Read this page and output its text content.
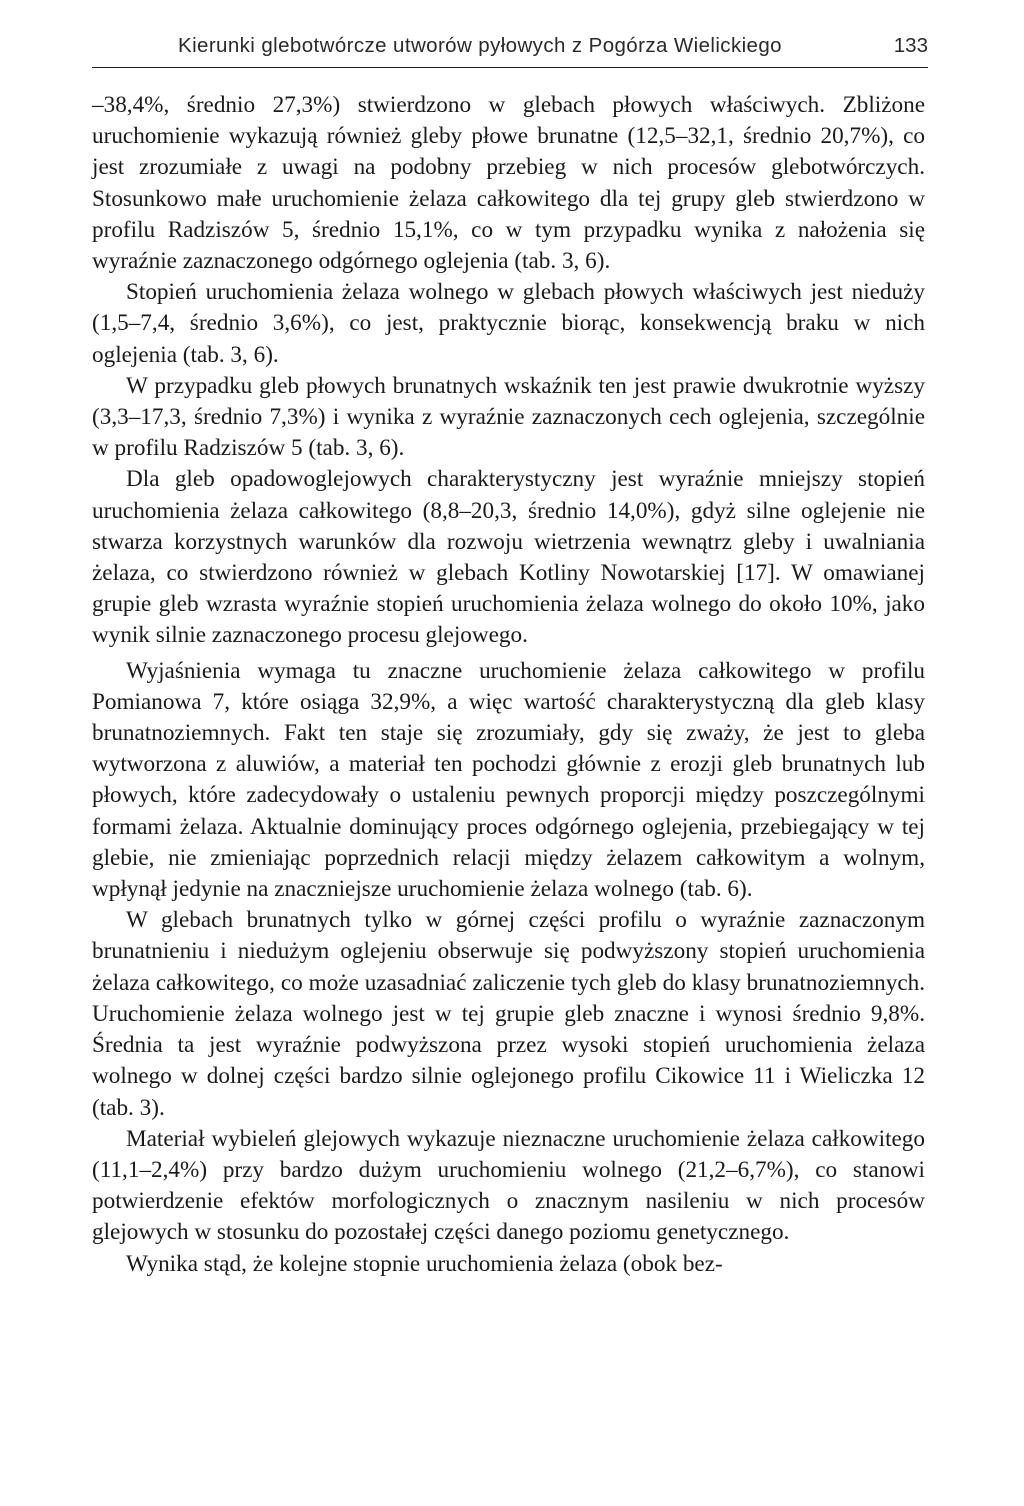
Kierunki glebotwórcze utworów pyłowych z Pogórza Wielickiego	133

–38,4%, średnio 27,3%) stwierdzono w glebach płowych właściwych. Zbliżone uruchomienie wykazują również gleby płowe brunatne (12,5–32,1, średnio 20,7%), co jest zrozumiałe z uwagi na podobny przebieg w nich procesów glebotwórczych. Stosunkowo małe uruchomienie żelaza całkowitego dla tej grupy gleb stwierdzono w profilu Radziszów 5, średnio 15,1%, co w tym przypadku wynika z nałożenia się wyraźnie zaznaczonego odgórnego oglejenia (tab. 3, 6).

Stopień uruchomienia żelaza wolnego w glebach płowych właściwych jest nieduży (1,5–7,4, średnio 3,6%), co jest, praktycznie biorąc, konsekwencją braku w nich oglejenia (tab. 3, 6).

W przypadku gleb płowych brunatnych wskaźnik ten jest prawie dwukrotnie wyższy (3,3–17,3, średnio 7,3%) i wynika z wyraźnie zaznaczonych cech oglejenia, szczególnie w profilu Radziszów 5 (tab. 3, 6).

Dla gleb opadowoglejowych charakterystyczny jest wyraźnie mniejszy stopień uruchomienia żelaza całkowitego (8,8–20,3, średnio 14,0%), gdyż silne oglejenie nie stwarza korzystnych warunków dla rozwoju wietrzenia wewnątrz gleby i uwalniania żelaza, co stwierdzono również w glebach Kotliny Nowotarskiej [17]. W omawianej grupie gleb wzrasta wyraźnie stopień uruchomienia żelaza wolnego do około 10%, jako wynik silnie zaznaczonego procesu glejowego.

Wyjaśnienia wymaga tu znaczne uruchomienie żelaza całkowitego w profilu Pomianowa 7, które osiąga 32,9%, a więc wartość charakterystyczną dla gleb klasy brunatnoziemnych. Fakt ten staje się zrozumiały, gdy się zważy, że jest to gleba wytworzona z aluwiów, a materiał ten pochodzi głównie z erozji gleb brunatnych lub płowych, które zadecydowały o ustaleniu pewnych proporcji między poszczególnymi formami żelaza. Aktualnie dominujący proces odgórnego oglejenia, przebiegający w tej glebie, nie zmieniając poprzednich relacji między żelazem całkowitym a wolnym, wpłynął jedynie na znaczniejsze uruchomienie żelaza wolnego (tab. 6).

W glebach brunatnych tylko w górnej części profilu o wyraźnie zaznaczonym brunatnieniu i niedużym oglejeniu obserwuje się podwyższony stopień uruchomienia żelaza całkowitego, co może uzasadniać zaliczenie tych gleb do klasy brunatnoziemnych. Uruchomienie żelaza wolnego jest w tej grupie gleb znaczne i wynosi średnio 9,8%. Średnia ta jest wyraźnie podwyższona przez wysoki stopień uruchomienia żelaza wolnego w dolnej części bardzo silnie oglejonego profilu Cikowice 11 i Wieliczka 12 (tab. 3).

Materiał wybieleń glejowych wykazuje nieznaczne uruchomienie żelaza całkowitego (11,1–2,4%) przy bardzo dużym uruchomieniu wolnego (21,2–6,7%), co stanowi potwierdzenie efektów morfologicznych o znacznym nasileniu w nich procesów glejowych w stosunku do pozostałej części danego poziomu genetycznego.

Wynika stąd, że kolejne stopnie uruchomienia żelaza (obok bez-
